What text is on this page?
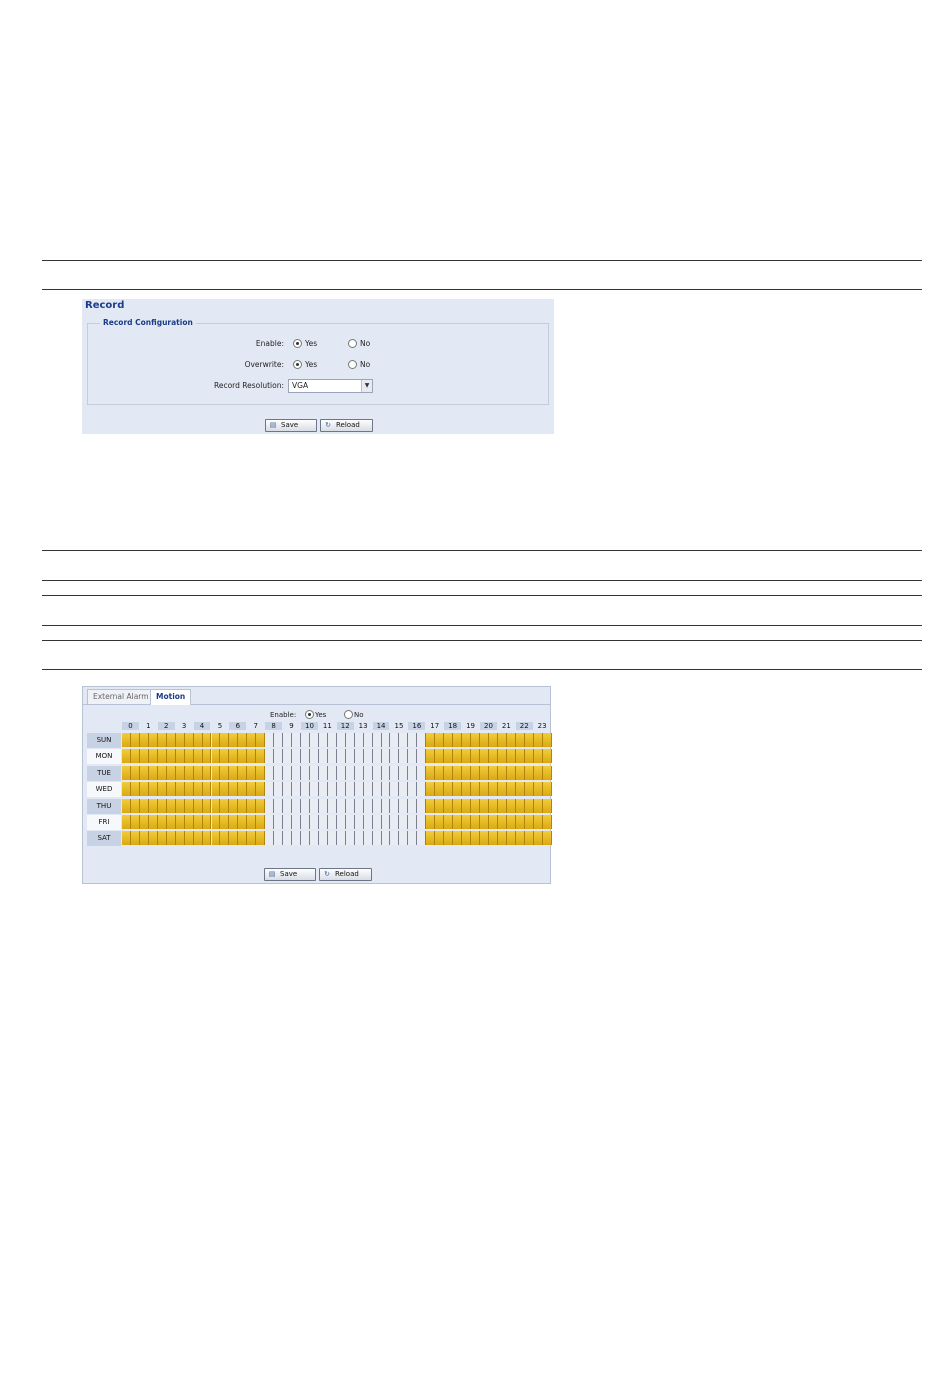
Record
Record Configuration
Enable:	Yes	No
Overwrite:	Yes	No
Record Resolution: VGA	▼
▤ Save	↻ Reload
External Alarm Motion
Enable:	Yes	No
0	1	2	3	4	5	6	7	8	9	10	11	12	13	14	15	16	17	18	19	20	21	22	23
SUN
MON
TUE
WED
THU
FRI
SAT
▤ Save	↻ Reload
